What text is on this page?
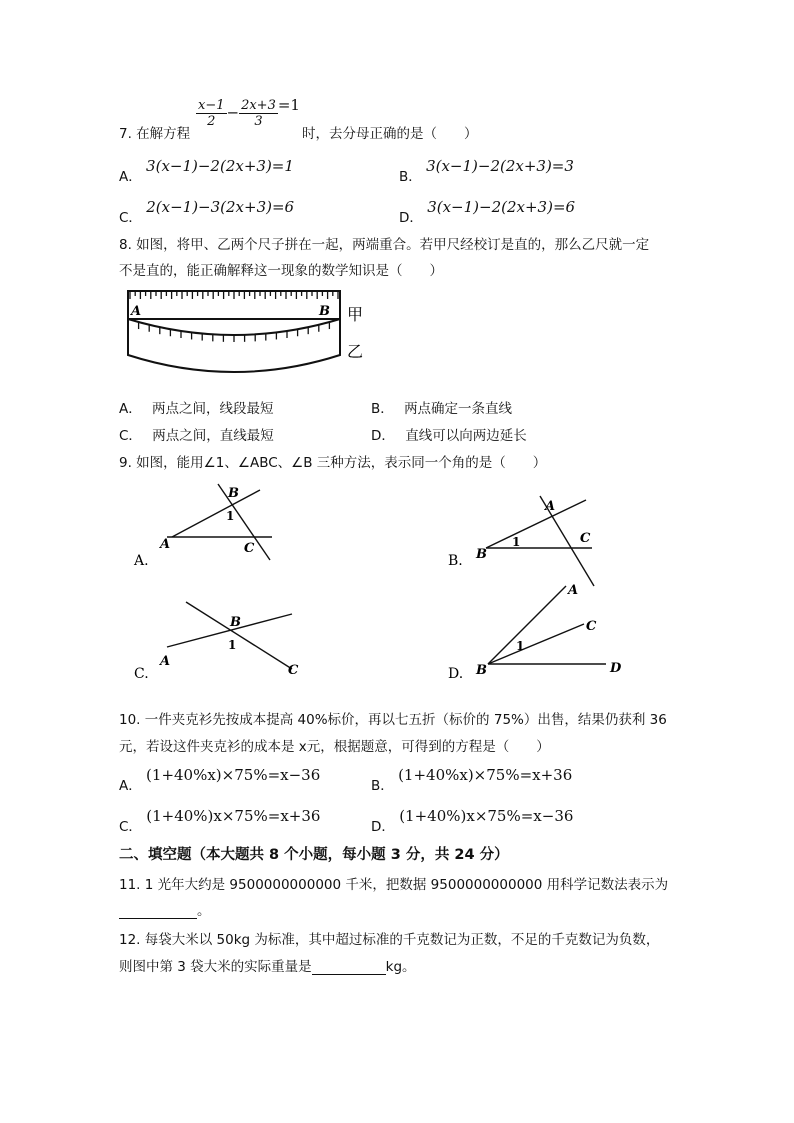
7. 在解方程
$\frac{x-1}{2} - \frac{2x+3}{3} =1$
时，去分母正确的是（　　）
A． 3(x−1)−2(2x+3)=1
B． 3(x−1)−2(2x+3)=3
C． 2(x−1)−3(2x+3)=6
D． 3(x−1)−2(2x+3)=6
8. 如图，将甲、乙两个尺子拼在一起，两端重合。若甲尺经校订是直的，那么乙尺就一定
不是直的，能正确解释这一现象的数学知识是（　　）
A	B 甲
乙
A． 两点之间，线段最短	B． 两点确定一条直线
C． 两点之间，直线最短	D． 直线可以向两边延长
9. 如图，能用∠1、∠ABC、∠B 三种方法，表示同一个角的是（　　）
B
1
A	C
A.
A
1	C
B
B.
B
1
A
C
C.
A
C
1
B	D
D.
10. 一件夹克衫先按成本提高 40%标价，再以七五折（标价的 75%）出售，结果仍获利 36
元，若设这件夹克衫的成本是 x元，根据题意，可得到的方程是（　　）
A． (1+40%x)×75%=x−36
B． (1+40%x)×75%=x+36
C． (1+40%)x×75%=x+36
D． (1+40%)x×75%=x−36
二、填空题（本大题共 8 个小题，每小题 3 分，共 24 分）
11. 1 光年大约是 9500000000000 千米，把数据 9500000000000 用科学记数法表示为
。
12. 每袋大米以 50kg 为标准，其中超过标准的千克数记为正数，不足的千克数记为负数，
则图中第 3 袋大米的实际重量是	kg。
